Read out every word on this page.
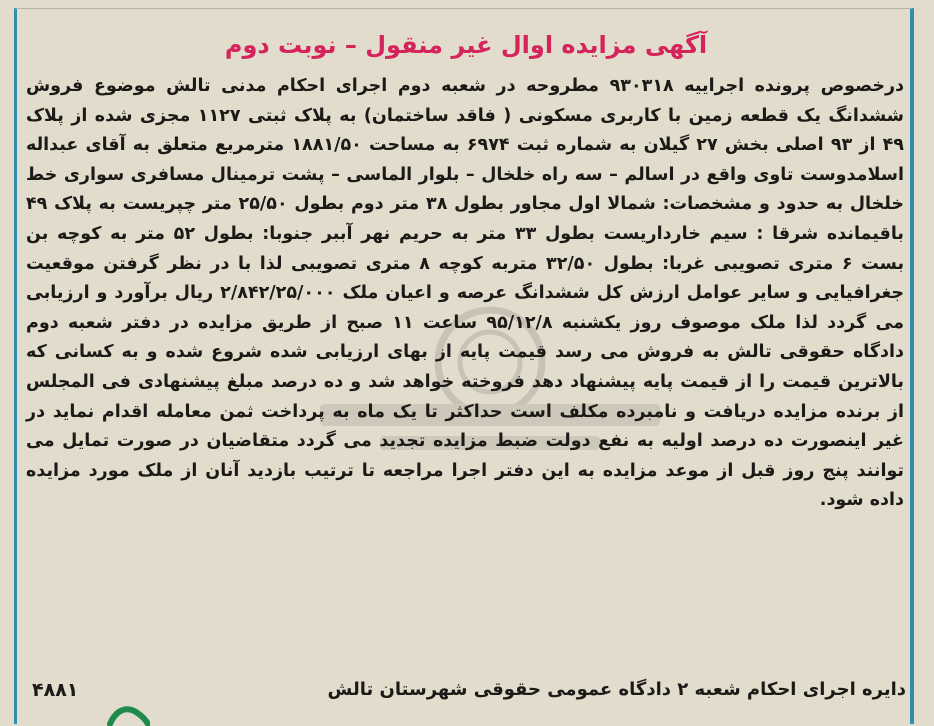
آگهی مزایده اوال غیر منقول – نوبت دوم
درخصوص پرونده اجراییه ۹۳۰۳۱۸ مطروحه در شعبه دوم اجرای احکام مدنی تالش موضوع فروش ششدانگ یک قطعه زمین با کاربری مسکونی ( فاقد ساختمان) به پلاک ثبتی ۱۱۲۷ مجزی شده از پلاک ۴۹ از ۹۳ اصلی بخش ۲۷ گیلان به شماره ثبت ۶۹۷۴ به مساحت ۱۸۸۱/۵۰ مترمربع متعلق به آقای عبداله اسلامدوست تاوی واقع در اسالم – سه راه خلخال – بلوار الماسی – پشت ترمینال مسافری سواری خط خلخال به حدود و مشخصات: شمالا اول مجاور بطول ۳۸ متر دوم بطول ۲۵/۵۰ متر چپریست به پلاک ۴۹ باقیمانده شرقا : سیم خارداریست بطول ۳۳ متر به حریم نهر آببر جنوبا: بطول ۵۲ متر به کوچه بن بست ۶ متری تصویبی غربا: بطول ۳۲/۵۰ متربه کوچه ۸ متری تصویبی لذا با در نظر گرفتن موقعیت جغرافیایی و سایر عوامل ارزش کل ششدانگ عرصه و اعیان ملک ۲/۸۴۲/۲۵/۰۰۰ ریال برآورد و ارزیابی می گردد لذا ملک موصوف روز یکشنبه ۹۵/۱۲/۸ ساعت ۱۱ صبح از طریق مزایده در دفتر شعبه دوم دادگاه حقوقی تالش به فروش می رسد قیمت پایه از بهای ارزیابی شده شروع شده و به کسانی که بالاترین قیمت را از قیمت پایه پیشنهاد دهد فروخته خواهد شد و ده درصد مبلغ پیشنهادی فی المجلس از برنده مزایده دریافت و نامبرده مکلف است حداکثر تا یک ماه به پرداخت ثمن معامله اقدام نماید در غیر اینصورت ده درصد اولیه به نفع دولت ضبط مزایده تجدید می گردد متقاضیان در صورت تمایل می توانند پنج روز قبل از موعد مزایده به این دفتر اجرا مراجعه تا ترتیب بازدید آنان از ملک مورد مزایده داده شود.
دایره اجرای احکام شعبه ۲ دادگاه عمومی حقوقی شهرستان تالش
۴۸۸۱
